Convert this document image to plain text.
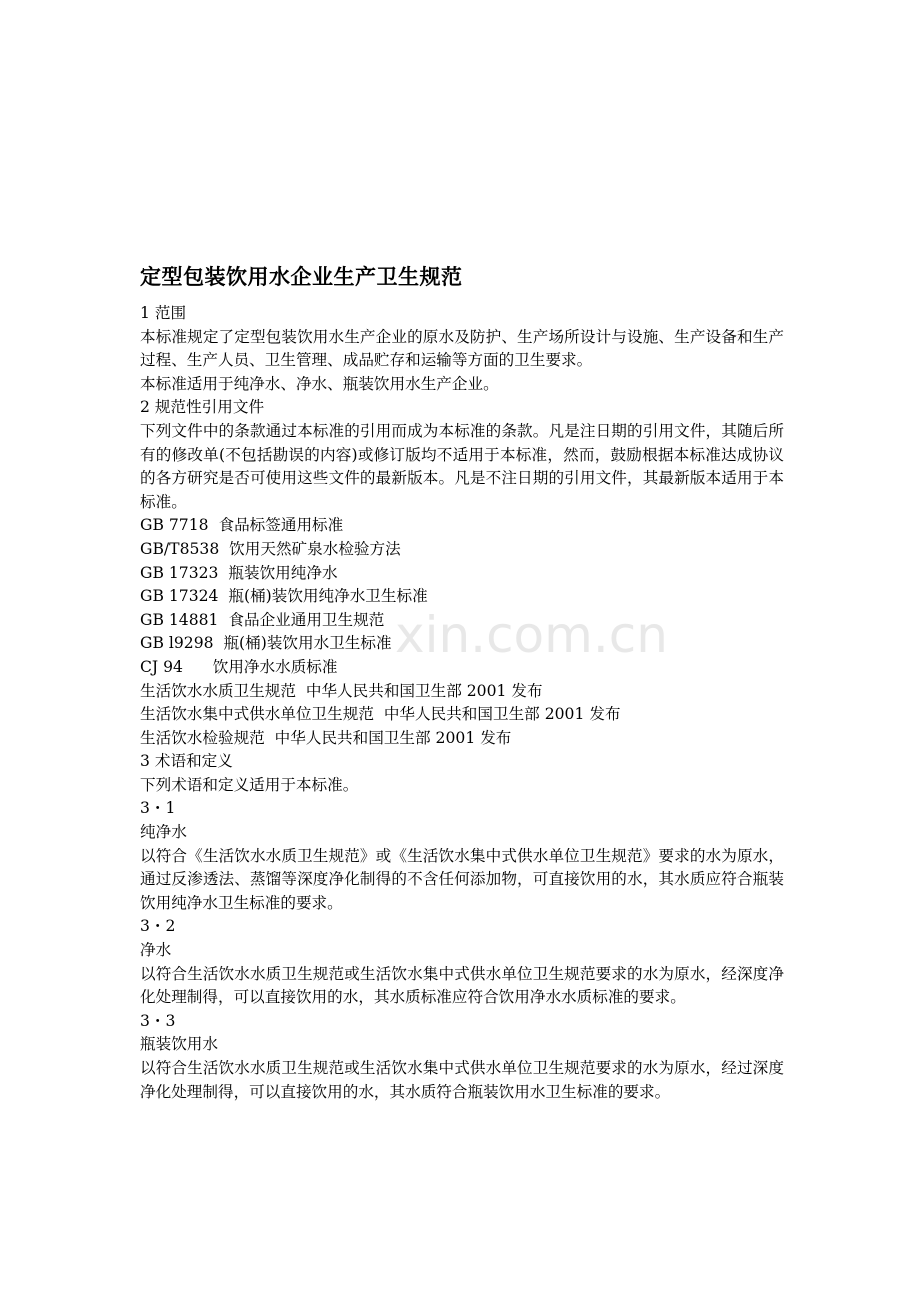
xin.com.cn
定型包装饮用水企业生产卫生规范
1 范围
本标准规定了定型包装饮用水生产企业的原水及防护、生产场所设计与设施、生产设备和生产过程、生产人员、卫生管理、成品贮存和运输等方面的卫生要求。
本标准适用于纯净水、净水、瓶装饮用水生产企业。
2 规范性引用文件
下列文件中的条款通过本标准的引用而成为本标准的条款。凡是注日期的引用文件，其随后所有的修改单(不包括勘误的内容)或修订版均不适用于本标准，然而，鼓励根据本标准达成协议的各方研究是否可使用这些文件的最新版本。凡是不注日期的引用文件，其最新版本适用于本标准。
GB 7718  食品标签通用标准
GB/T8538  饮用天然矿泉水检验方法
GB 17323  瓶装饮用纯净水
GB 17324  瓶(桶)装饮用纯净水卫生标准
GB 14881  食品企业通用卫生规范
GB l9298  瓶(桶)装饮用水卫生标准
CJ 94      饮用净水水质标准
生活饮水水质卫生规范  中华人民共和国卫生部 2001 发布
生活饮水集中式供水单位卫生规范  中华人民共和国卫生部 2001 发布
生活饮水检验规范  中华人民共和国卫生部 2001 发布
3 术语和定义
下列术语和定义适用于本标准。
3・1
纯净水
以符合《生活饮水水质卫生规范》或《生活饮水集中式供水单位卫生规范》要求的水为原水，通过反渗透法、蒸馏等深度净化制得的不含任何添加物，可直接饮用的水，其水质应符合瓶装饮用纯净水卫生标准的要求。
3・2
净水
以符合生活饮水水质卫生规范或生活饮水集中式供水单位卫生规范要求的水为原水，经深度净化处理制得，可以直接饮用的水，其水质标准应符合饮用净水水质标准的要求。
3・3
瓶装饮用水
以符合生活饮水水质卫生规范或生活饮水集中式供水单位卫生规范要求的水为原水，经过深度净化处理制得，可以直接饮用的水，其水质符合瓶装饮用水卫生标准的要求。
